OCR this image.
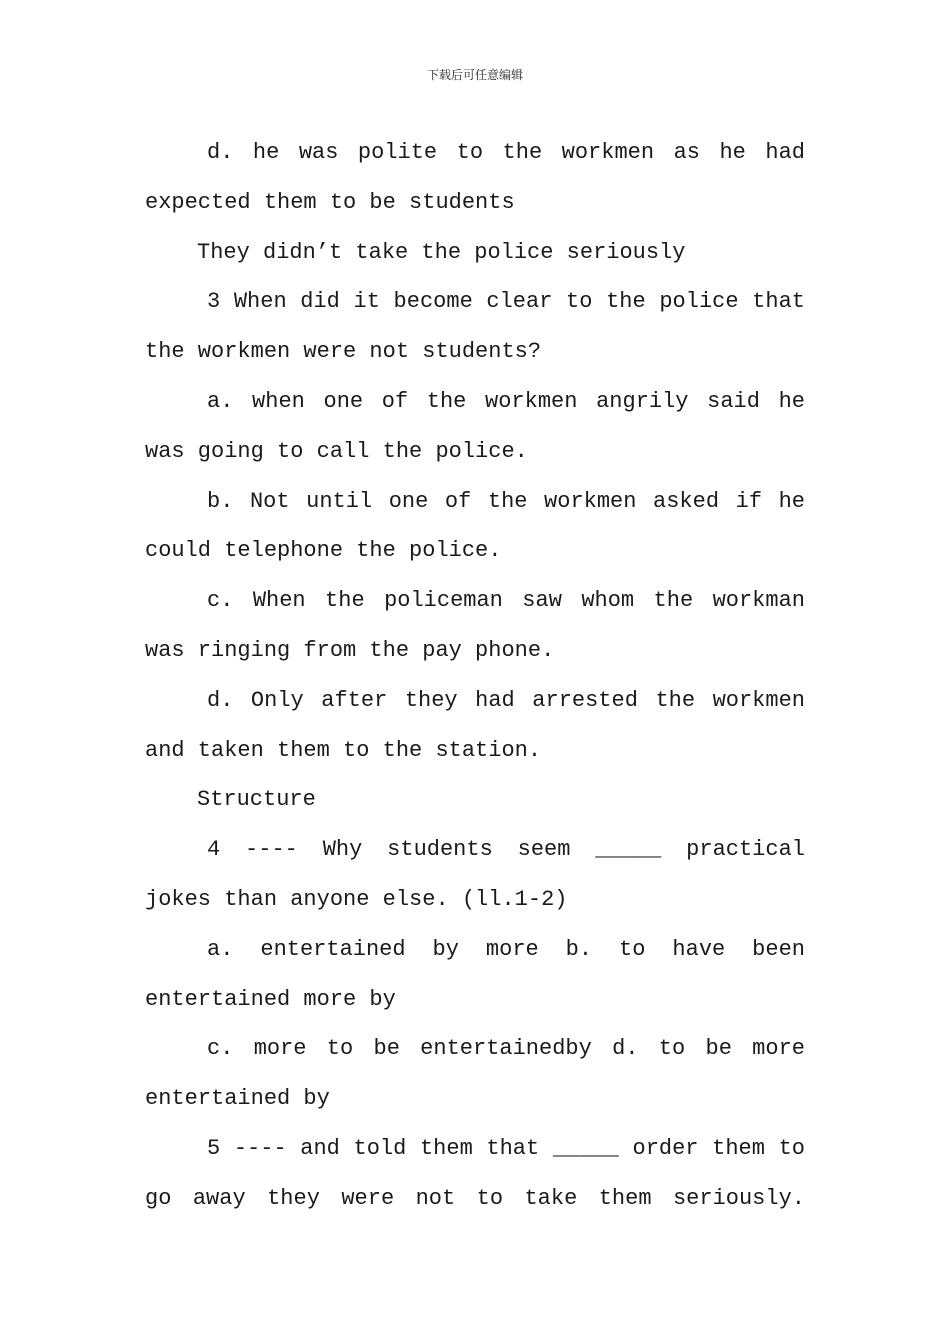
下载后可任意编辑

d. he was polite to the workmen as he had expected them to be students

They didn’t take the police seriously

3 When did it become clear to the police that the workmen were not students?

a. when one of the workmen angrily said he was going to call the police.

b. Not until one of the workmen asked if he could telephone the police.

c. When the policeman saw whom the workman was ringing from the pay phone.

d. Only after they had arrested the workmen and taken them to the station.

Structure

4 ---- Why students seem _____ practical jokes than anyone else. (ll.1-2)

a. entertained by more b. to have been entertained more by

c. more to be entertainedby d. to be more entertained by

5 ---- and told them that _____ order them to go away they were not to take them seriously.
